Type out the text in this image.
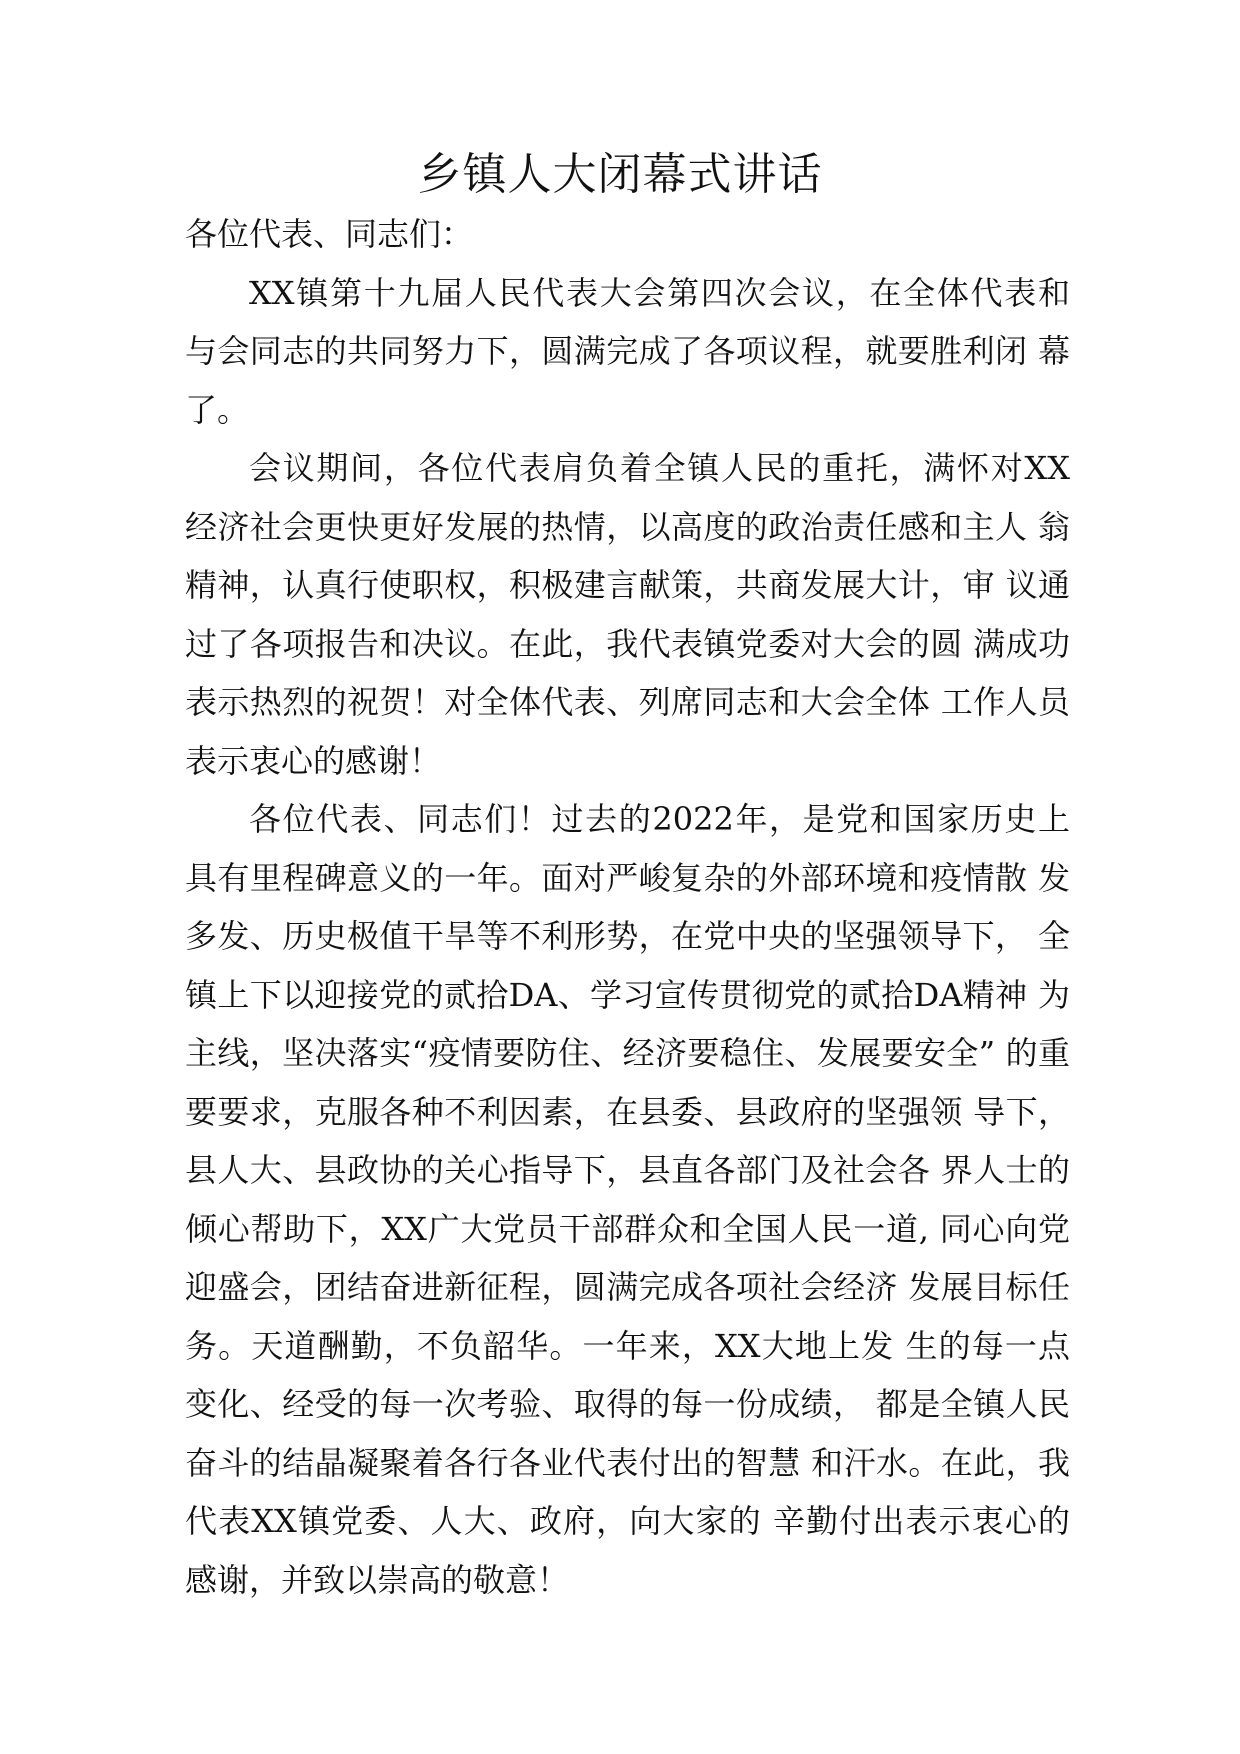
乡镇人大闭幕式讲话

各位代表、同志们：

XX镇第十九届人民代表大会第四次会议，在全体代表和 与会同志的共同努力下，圆满完成了各项议程，就要胜利闭 幕了。

会议期间，各位代表肩负着全镇人民的重托，满怀对XX 经济社会更快更好发展的热情，以高度的政治责任感和主人 翁精神，认真行使职权，积极建言献策，共商发展大计，审 议通过了各项报告和决议。在此，我代表镇党委对大会的圆 满成功表示热烈的祝贺！对全体代表、列席同志和大会全体 工作人员表示衷心的感谢！

各位代表、同志们！过去的2022年，是党和国家历史上 具有里程碑意义的一年。面对严峻复杂的外部环境和疫情散 发多发、历史极值干旱等不利形势，在党中央的坚强领导下， 全镇上下以迎接党的贰拾DA、学习宣传贯彻党的贰拾DA精神 为主线，坚决落实“疫情要防住、经济要稳住、发展要安全” 的重要要求，克服各种不利因素，在县委、县政府的坚强领 导下，县人大、县政协的关心指导下，县直各部门及社会各 界人士的倾心帮助下，XX广大党员干部群众和全国人民一道, 同心向党迎盛会，团结奋进新征程，圆满完成各项社会经济 发展目标任务。天道酬勤，不负韶华。一年来，XX大地上发 生的每一点变化、经受的每一次考验、取得的每一份成绩， 都是全镇人民奋斗的结晶凝聚着各行各业代表付出的智慧 和汗水。在此，我代表XX镇党委、人大、政府，向大家的 辛勤付出表示衷心的感谢，并致以崇高的敬意！
